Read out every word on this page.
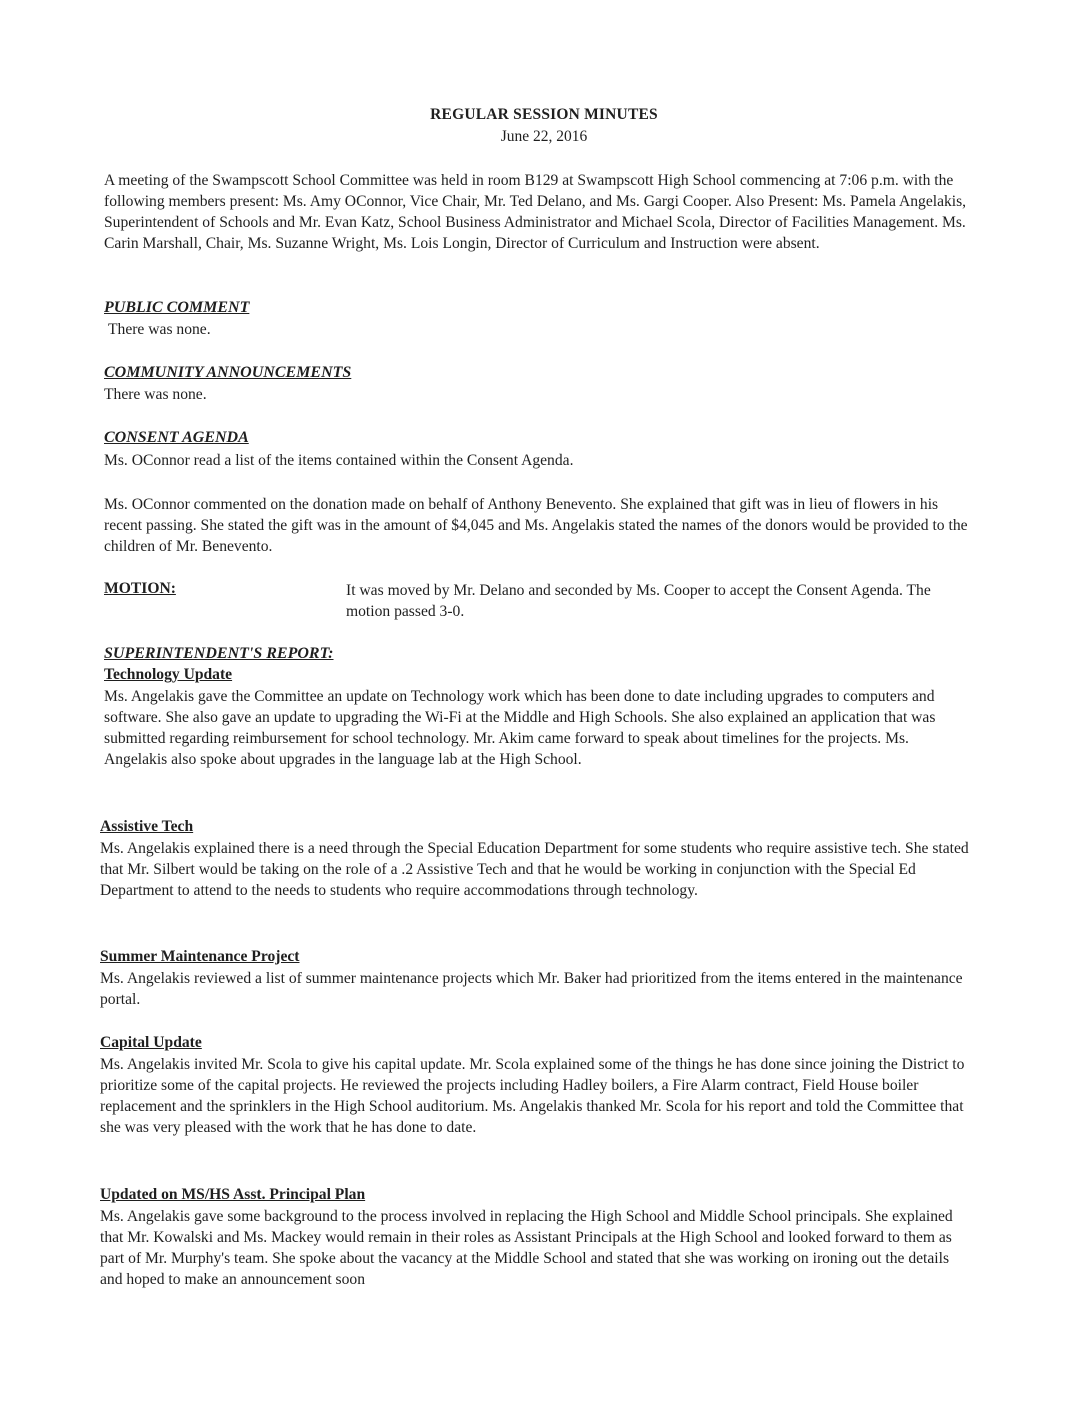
REGULAR SESSION MINUTES
June 22, 2016

A meeting of the Swampscott School Committee was held in room B129 at Swampscott High School commencing at 7:06 p.m. with the following members present: Ms. Amy OConnor, Vice Chair, Mr. Ted Delano, and Ms. Gargi Cooper. Also Present: Ms. Pamela Angelakis, Superintendent of Schools and Mr. Evan Katz, School Business Administrator and Michael Scola, Director of Facilities Management. Ms. Carin Marshall, Chair, Ms. Suzanne Wright, Ms. Lois Longin, Director of Curriculum and Instruction were absent.

PUBLIC COMMENT

There was none.

COMMUNITY ANNOUNCEMENTS

There was none.

CONSENT AGENDA

Ms. OConnor read a list of the items contained within the Consent Agenda.

Ms. OConnor commented on the donation made on behalf of Anthony Benevento. She explained that gift was in lieu of flowers in his recent passing. She stated the gift was in the amount of $4,045 and Ms. Angelakis stated the names of the donors would be provided to the children of Mr. Benevento.

MOTION:	It was moved by Mr. Delano and seconded by Ms. Cooper to accept the Consent Agenda. The motion passed 3-0.
SUPERINTENDENT'S REPORT:
Technology Update

Ms. Angelakis gave the Committee an update on Technology work which has been done to date including upgrades to computers and software. She also gave an update to upgrading the Wi-Fi at the Middle and High Schools. She also explained an application that was submitted regarding reimbursement for school technology. Mr. Akim came forward to speak about timelines for the projects. Ms. Angelakis also spoke about upgrades in the language lab at the High School.

Assistive Tech

Ms. Angelakis explained there is a need through the Special Education Department for some students who require assistive tech. She stated that Mr. Silbert would be taking on the role of a .2 Assistive Tech and that he would be working in conjunction with the Special Ed Department to attend to the needs to students who require accommodations through technology.

Summer Maintenance Project

Ms. Angelakis reviewed a list of summer maintenance projects which Mr. Baker had prioritized from the items entered in the maintenance portal.

Capital Update

Ms. Angelakis invited Mr. Scola to give his capital update. Mr. Scola explained some of the things he has done since joining the District to prioritize some of the capital projects. He reviewed the projects including Hadley boilers, a Fire Alarm contract, Field House boiler replacement and the sprinklers in the High School auditorium. Ms. Angelakis thanked Mr. Scola for his report and told the Committee that she was very pleased with the work that he has done to date.

Updated on MS/HS Asst. Principal Plan

Ms. Angelakis gave some background to the process involved in replacing the High School and Middle School principals. She explained that Mr. Kowalski and Ms. Mackey would remain in their roles as Assistant Principals at the High School and looked forward to them as part of Mr. Murphy's team. She spoke about the vacancy at the Middle School and stated that she was working on ironing out the details and hoped to make an announcement soon
